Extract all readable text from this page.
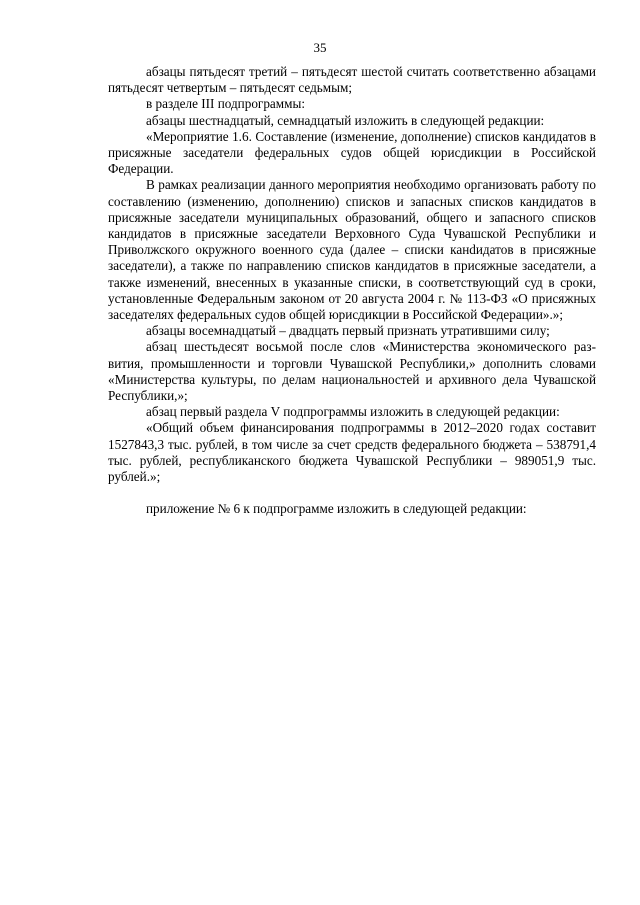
35

абзацы пятьдесят третий – пятьдесят шестой считать соответственно абзацами пятьдесят четвертым – пятьдесят седьмым;

в разделе III подпрограммы:

абзацы шестнадцатый, семнадцатый изложить в следующей редакции:

«Мероприятие 1.6. Составление (изменение, дополнение) списков кандидатов в присяжные заседатели федеральных судов общей юрисдикции в Российской Федерации.

В рамках реализации данного мероприятия необходимо организовать работу по составлению (изменению, дополнению) списков и запасных списков кандидатов в присяжные заседатели муниципальных образований, общего и запасного списков кандидатов в присяжные заседатели Верховного Суда Чувашской Республики и Приволжского окружного военного суда (далее – списки канdидатов в присяжные заседатели), а также по направлению списков кандидатов в присяжные заседатели, а также изменений, внесенных в указанные списки, в соответствующий суд в сроки, установленные Федеральным законом от 20 августа 2004 г. № 113-ФЗ «О присяжных заседателях федеральных судов общей юрисдикции в Российской Федерации».»;

абзацы восемнадцатый – двадцать первый признать утратившими силу;

абзац шестьдесят восьмой после слов «Министерства экономического развития, промышленности и торговли Чувашской Республики,» дополнить словами «Министерства культуры, по делам национальностей и архивного дела Чувашской Республики,»;

абзац первый раздела V подпрограммы изложить в следующей редакции:

«Общий объем финансирования подпрограммы в 2012–2020 годах составит 1527843,3 тыс. рублей, в том числе за счет средств федерального бюджета – 538791,4 тыс. рублей, республиканского бюджета Чувашской Республики – 989051,9 тыс. рублей.»;

приложение № 6 к подпрограмме изложить в следующей редакции:
